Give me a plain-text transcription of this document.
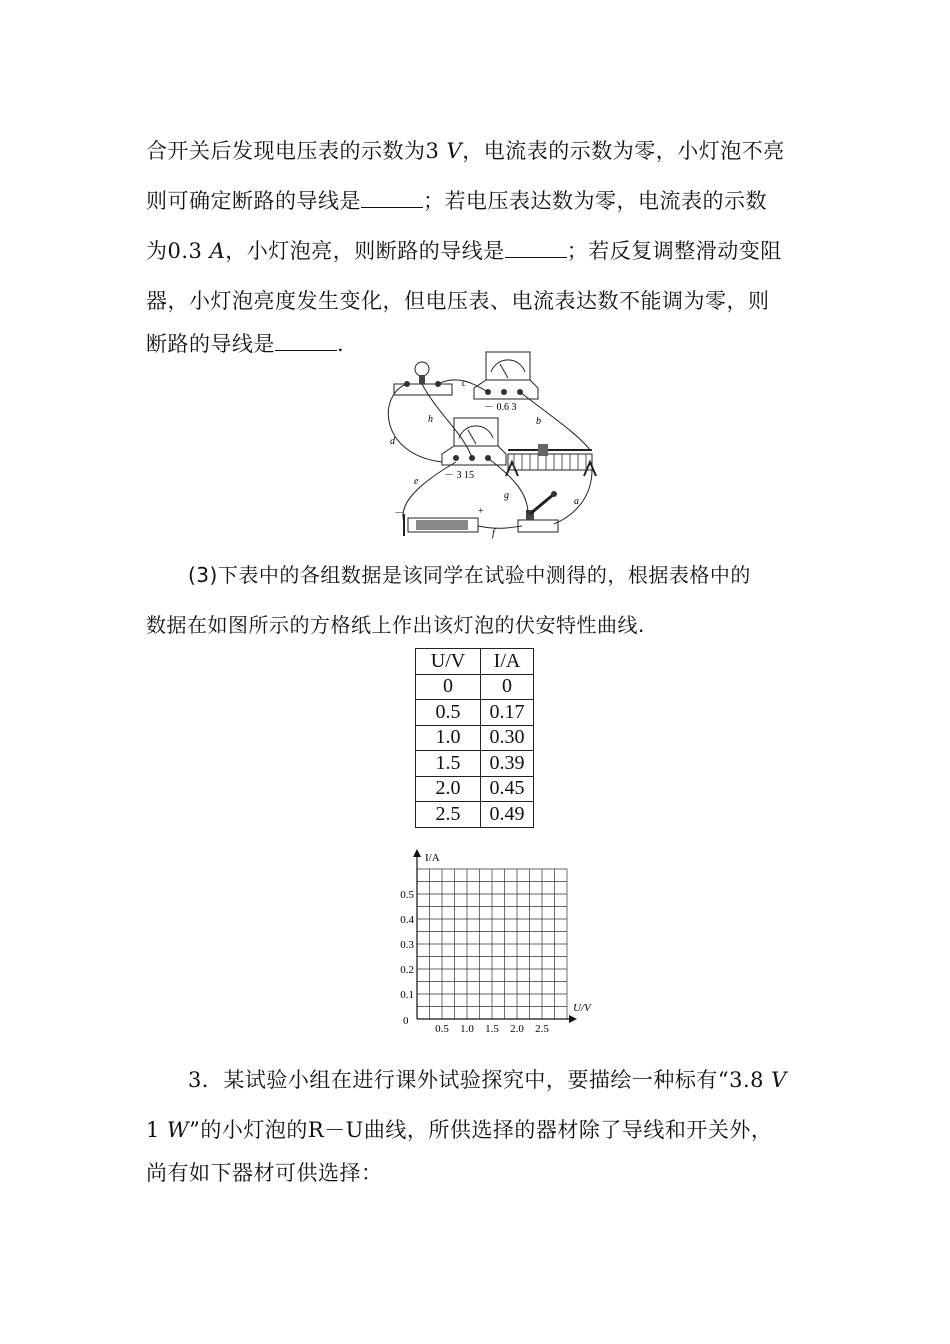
合开关后发现电压表的示数为3 V，电流表的示数为零，小灯泡不亮

则可确定断路的导线是	；若电压表达数为零，电流表的示数

为0.3 A，小灯泡亮，则断路的导线是	；若反复调整滑动变阻

器，小灯泡亮度发生变化，但电压表、电流表达数不能调为零，则

断路的导线是	.

－ 0.6 3
－ 3 15
－	+
a
b
c
d
e
f
g
h

(3)下表中的各组数据是该同学在试验中测得的，根据表格中的

数据在如图所示的方格纸上作出该灯泡的伏安特性曲线.

U/V	I/A
0	0
0.5	0.17
1.0	0.30
1.5	0.39
2.0	0.45
2.5	0.49
I/A
U/V
0
0.5
0.4
0.3
0.2
0.1
0.5 1.0 1.5 2.0 2.5

3．某试验小组在进行课外试验探究中，要描绘一种标有“3.8 V

1 W”的小灯泡的R－U曲线，所供选择的器材除了导线和开关外，

尚有如下器材可供选择：
